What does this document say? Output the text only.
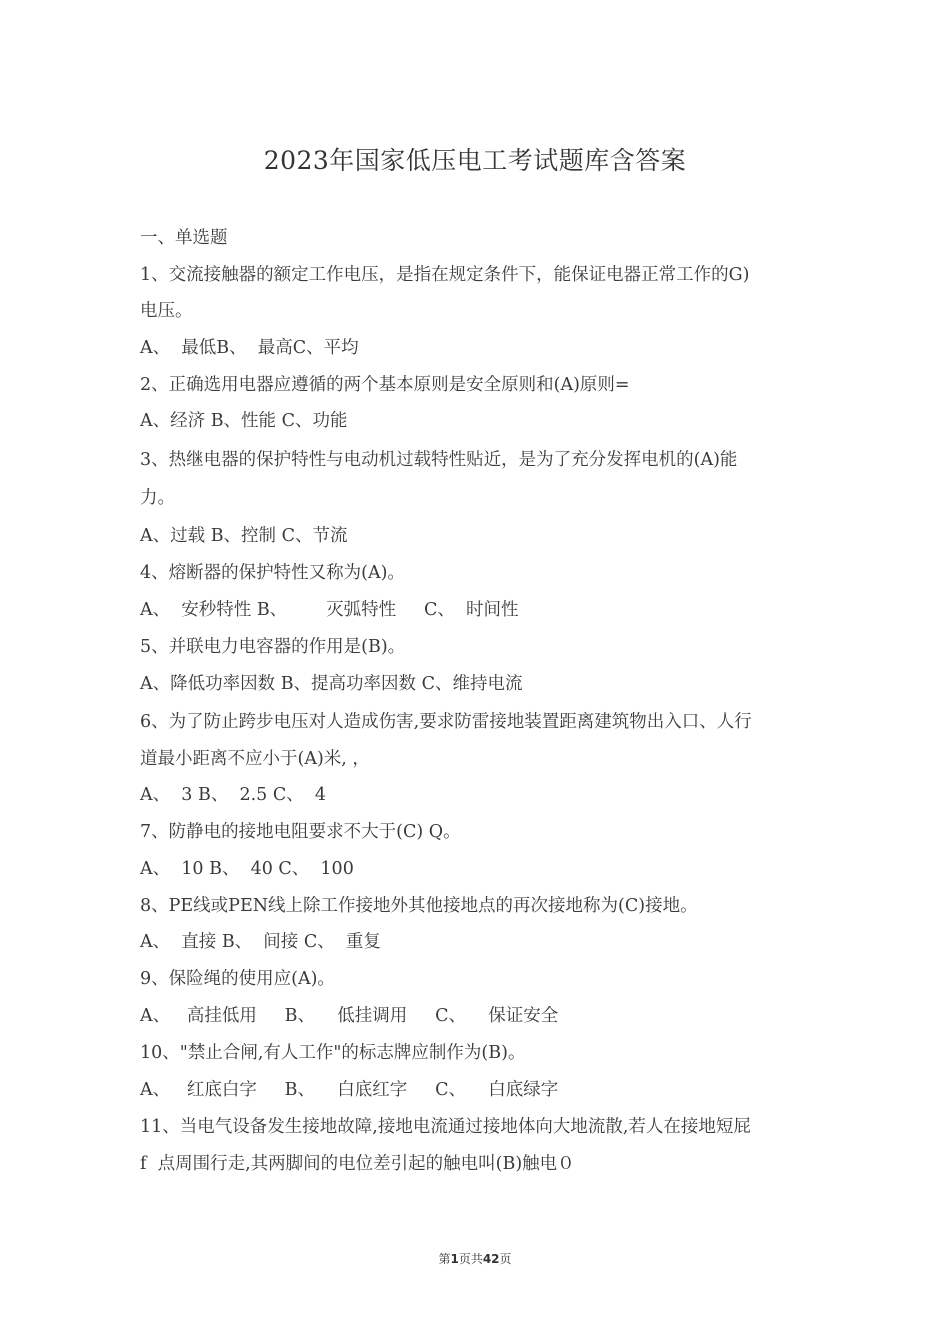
2023年国家低压电工考试题库含答案
一、单选题
1、交流接触器的额定工作电压，是指在规定条件下，能保证电器正常工作的G)
电压。
A、  最低B、  最高C、平均
2、正确选用电器应遵循的两个基本原则是安全原则和(A)原则=
A、经济 B、性能 C、功能
3、热继电器的保护特性与电动机过载特性贴近，是为了充分发挥电机的(A)能
力。
A、过载 B、控制 C、节流
4、熔断器的保护特性又称为(A)。
A、  安秒特性 B、       灭弧特性     C、  时间性
5、并联电力电容器的作用是(B)。
A、降低功率因数 B、提高功率因数 C、维持电流
6、为了防止跨步电压对人造成伤害,要求防雷接地装置距离建筑物出入口、人行
道最小距离不应小于(A)米, ，
A、  3 B、  2.5 C、  4
7、防静电的接地电阻要求不大于(C) Q。
A、  10 B、  40 C、  100
8、PE线或PEN线上除工作接地外其他接地点的再次接地称为(C)接地。
A、  直接 B、  间接 C、  重复
9、保险绳的使用应(A)。
A、   高挂低用     B、    低挂调用     C、    保证安全
10、"禁止合闸,有人工作"的标志牌应制作为(B)。
A、   红底白字     B、    白底红字     C、    白底绿字
11、当电气设备发生接地故障,接地电流通过接地体向大地流散,若人在接地短屁
f  点周围行走,其两脚间的电位差引起的触电叫(B)触电０
第1页共42页
